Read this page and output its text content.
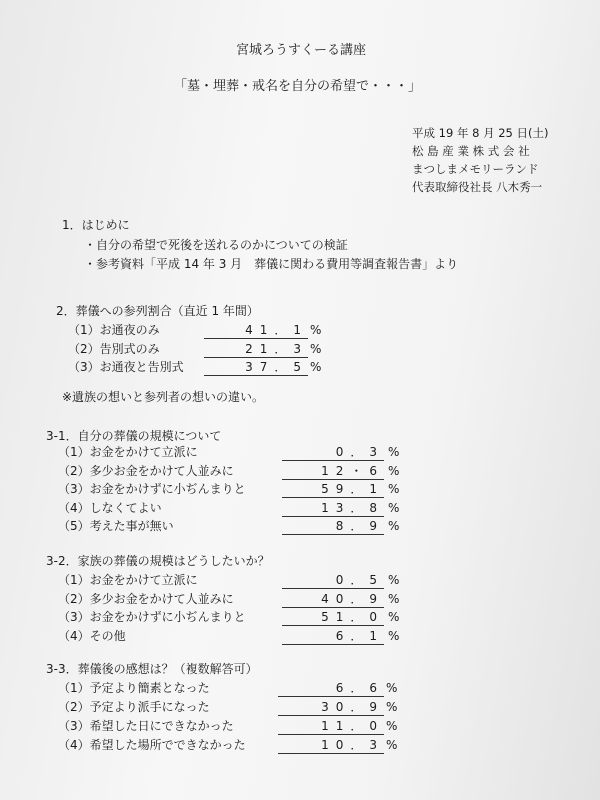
宮城ろうすくーる講座
「墓・埋葬・戒名を自分の希望で・・・」
平成 19 年 8 月 25 日(土)
松 島 産 業 株 式 会 社
まつしまメモリーランド
代表取締役社長 八木秀一
1．はじめに
・自分の希望で死後を送れるのかについての検証
・参考資料「平成 14 年 3 月　葬儀に関わる費用等調査報告書」より
2．葬儀への参列割合（直近 1 年間）
（1）お通夜のみ	41．1 %
（2）告別式のみ	21．3 %
（3）お通夜と告別式	37．5 %
※遺族の想いと参列者の想いの違い。
3-1．自分の葬儀の規模について
（1）お金をかけて立派に	0．3 %
（2）多少お金をかけて人並みに	12・6 %
（3）お金をかけずに小ぢんまりと	59．1 %
（4）しなくてよい	13．8 %
（5）考えた事が無い	8．9 %
3-2．家族の葬儀の規模はどうしたいか？
（1）お金をかけて立派に	0．5 %
（2）多少お金をかけて人並みに	40．9 %
（3）お金をかけずに小ぢんまりと	51．0 %
（4）その他	6．1 %
3-3．葬儀後の感想は？（複数解答可）
（1）予定より簡素となった	6．6 %
（2）予定より派手になった	30．9 %
（3）希望した日にできなかった	11．0 %
（4）希望した場所でできなかった	10．3 %
